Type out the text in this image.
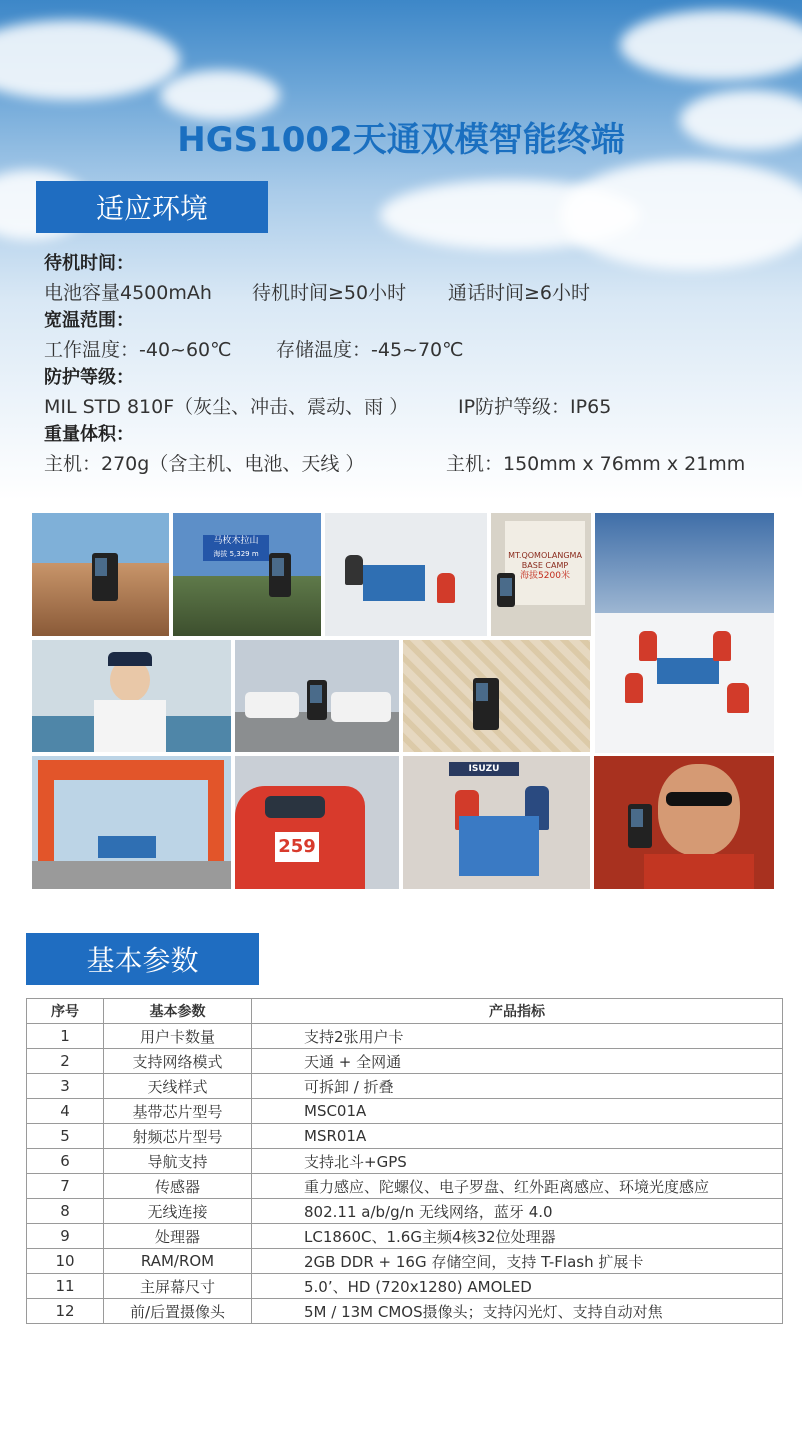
HGS1002天通双模智能终端
适应环境
待机时间：
电池容量4500mAh 待机时间≥50小时 通话时间≥6小时
宽温范围：
工作温度：-40~60℃ 存储温度：-45~70℃
防护等级：
MIL STD 810F（灰尘、冲击、震动、雨 ）	IP防护等级：IP65
重量体积：
主机：270g（含主机、电池、天线 ）	主机：150mm x 76mm x 21mm
马枚木拉山
海拔 5,329 m	MT.QOMOLANGMA BASE CAMP
海拔5200米
259
ISUZU
基本参数
序号	基本参数	产品指标
1	用户卡数量	支持2张用户卡
2	支持网络模式	天通 + 全网通
3	天线样式	可拆卸 / 折叠
4	基带芯片型号	MSC01A
5	射频芯片型号	MSR01A
6	导航支持	支持北斗+GPS
7	传感器	重力感应、陀螺仪、电子罗盘、红外距离感应、环境光度感应
8	无线连接	802.11 a/b/g/n 无线网络，蓝牙 4.0
9	处理器	LC1860C、1.6G主频4核32位处理器
10	RAM/ROM	2GB DDR + 16G 存储空间，支持 T-Flash 扩展卡
11	主屏幕尺寸	5.0’、HD (720x1280) AMOLED
12	前/后置摄像头	5M / 13M CMOS摄像头；支持闪光灯、支持自动对焦
